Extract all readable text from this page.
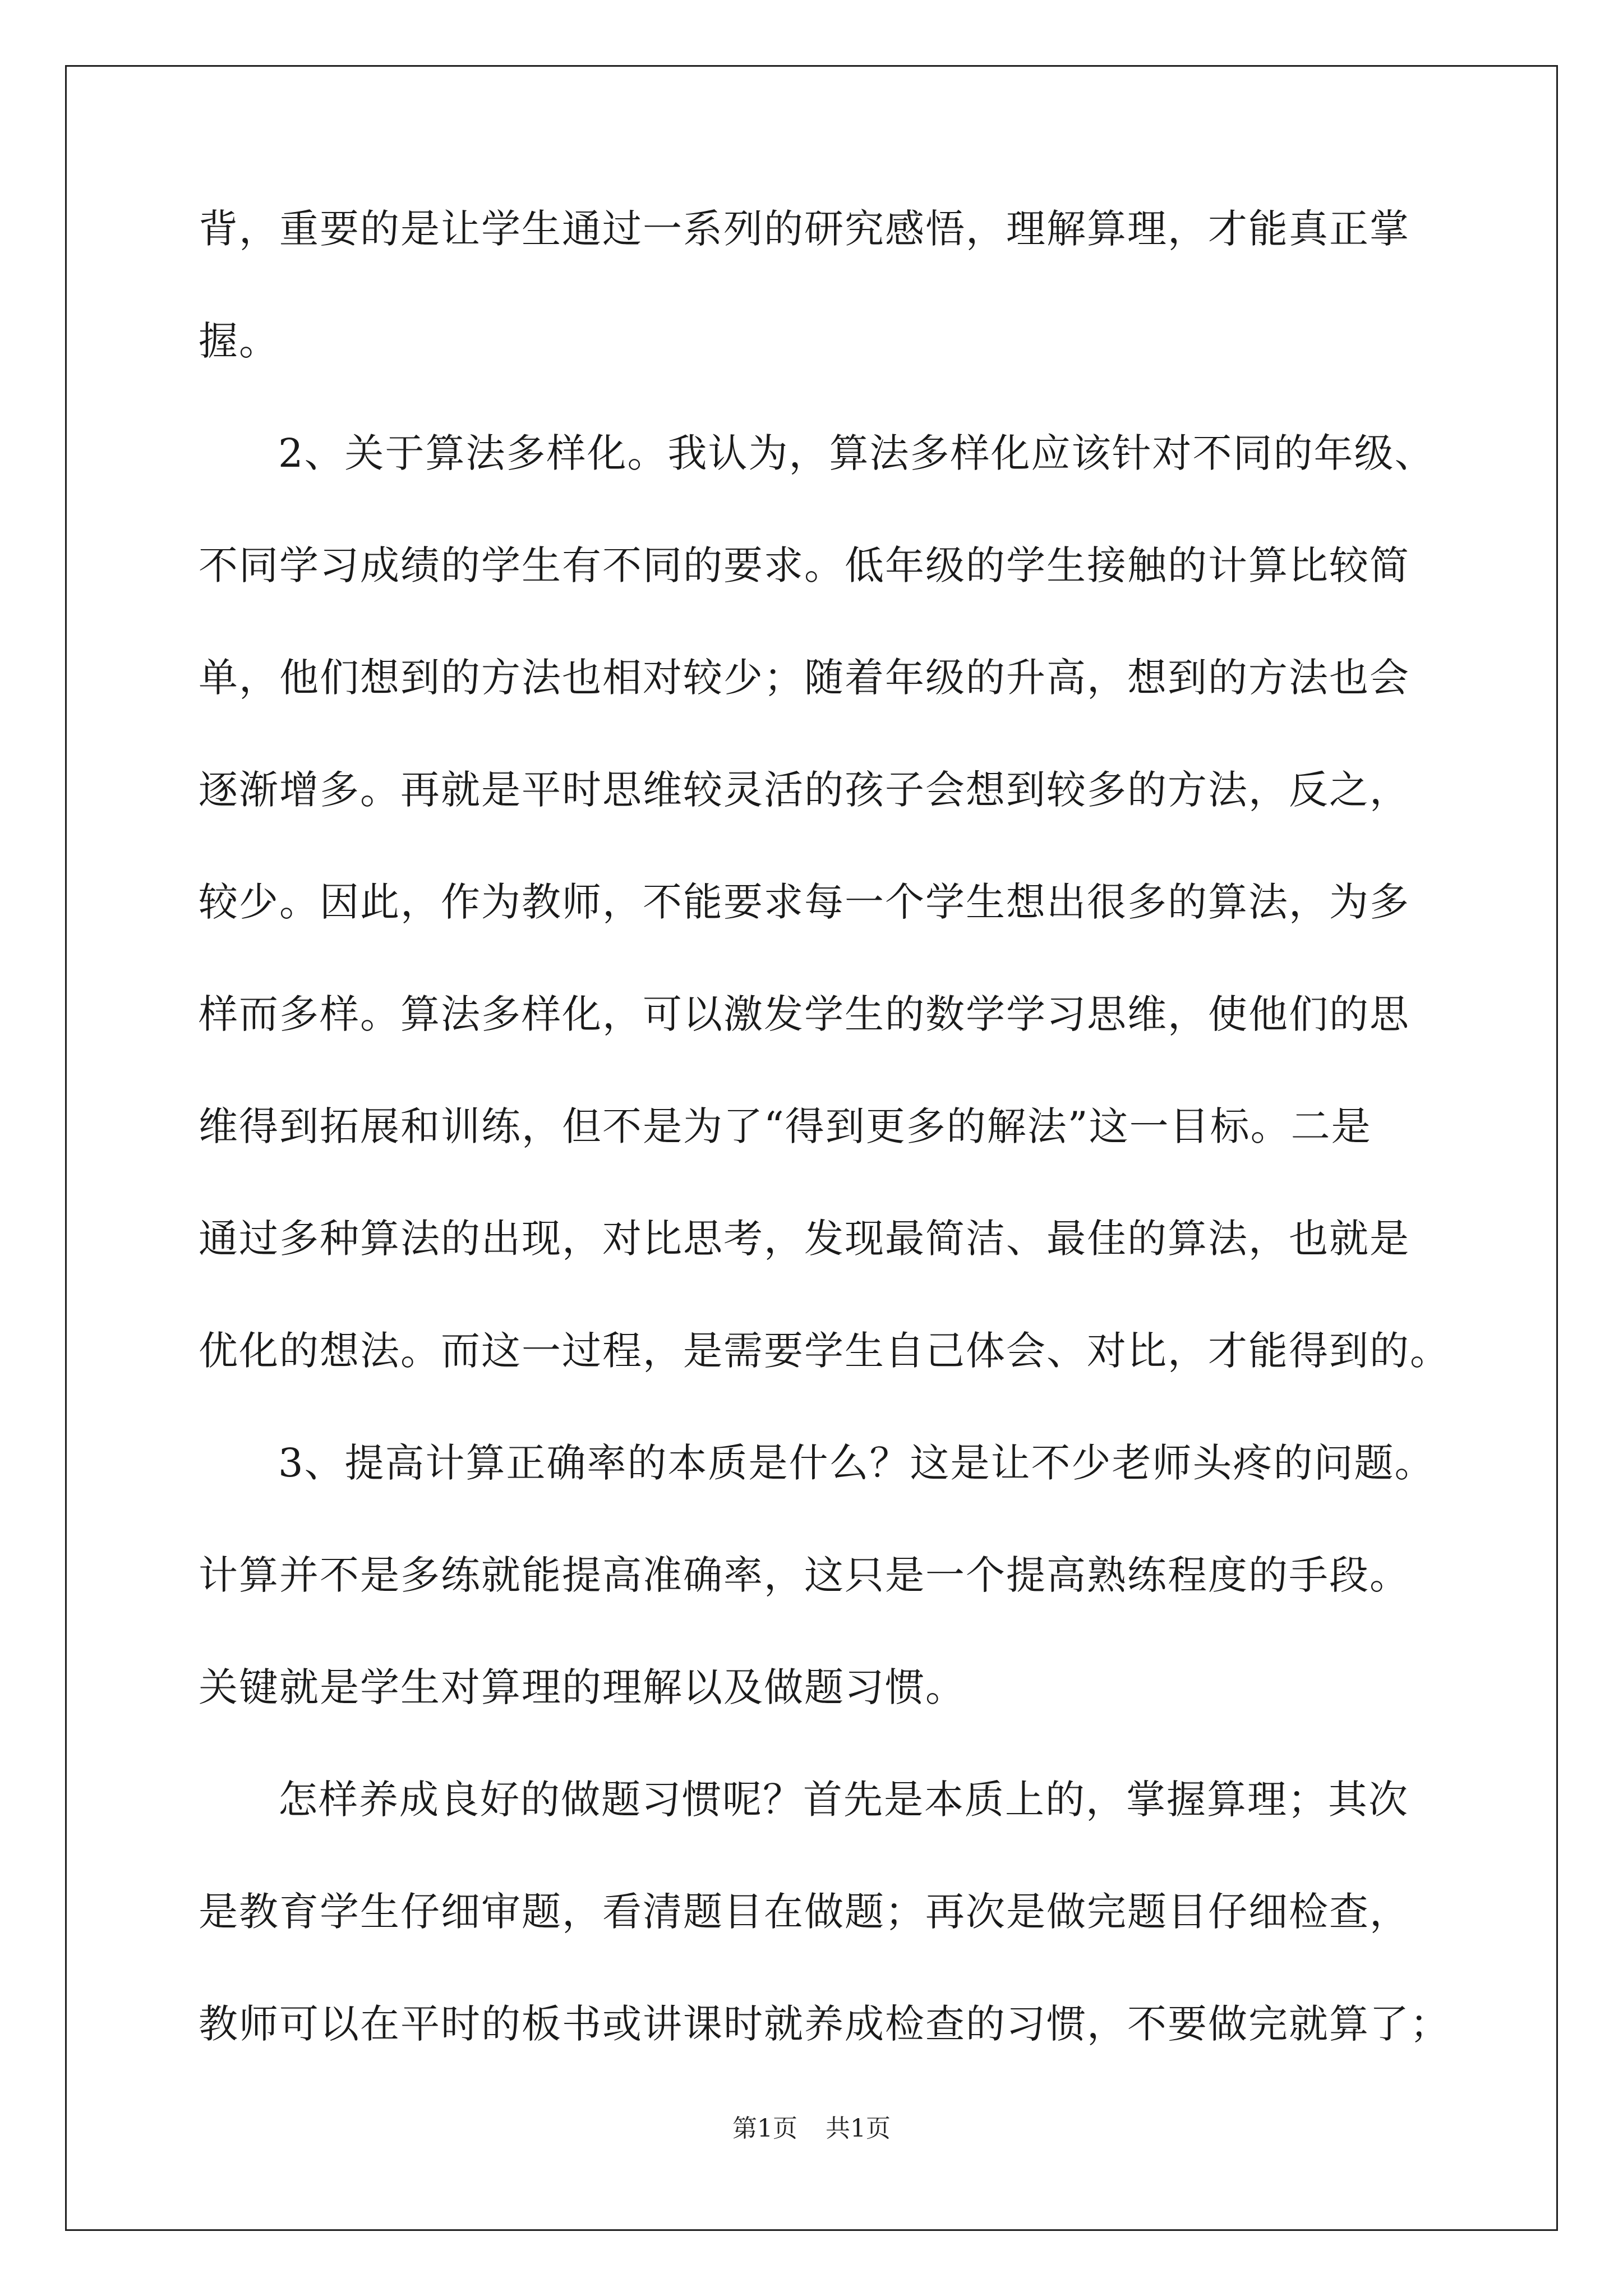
背，重要的是让学生通过一系列的研究感悟，理解算理，才能真正掌
握。
2、关于算法多样化。我认为，算法多样化应该针对不同的年级、
不同学习成绩的学生有不同的要求。低年级的学生接触的计算比较简
单，他们想到的方法也相对较少；随着年级的升高，想到的方法也会
逐渐增多。再就是平时思维较灵活的孩子会想到较多的方法，反之，
较少。因此，作为教师，不能要求每一个学生想出很多的算法，为多
样而多样。算法多样化，可以激发学生的数学学习思维，使他们的思
维得到拓展和训练，但不是为了“得到更多的解法”这一目标。二是
通过多种算法的出现，对比思考，发现最简洁、最佳的算法，也就是
优化的想法。而这一过程，是需要学生自己体会、对比，才能得到的。
3、提高计算正确率的本质是什么？这是让不少老师头疼的问题。
计算并不是多练就能提高准确率，这只是一个提高熟练程度的手段。
关键就是学生对算理的理解以及做题习惯。
怎样养成良好的做题习惯呢？首先是本质上的，掌握算理；其次
是教育学生仔细审题，看清题目在做题；再次是做完题目仔细检查，
教师可以在平时的板书或讲课时就养成检查的习惯，不要做完就算了；
第1页 共1页
